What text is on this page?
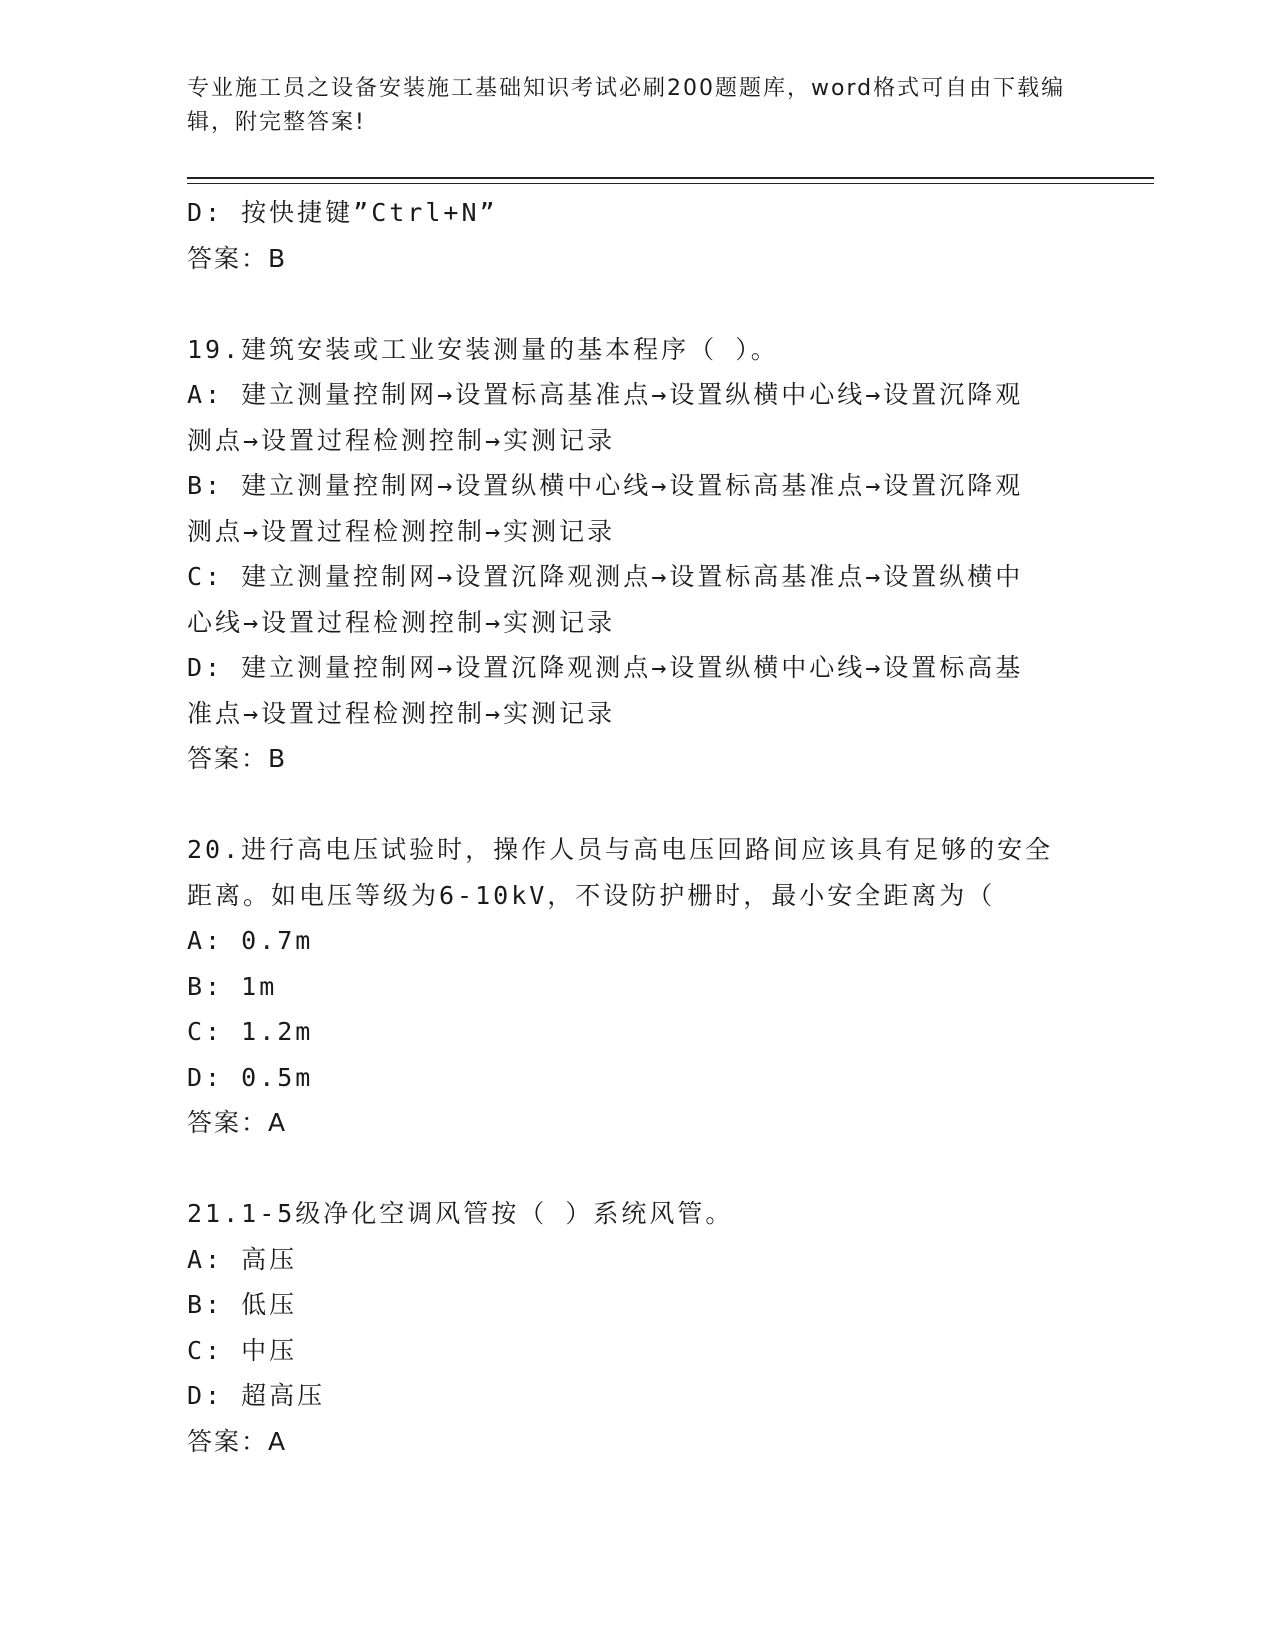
专业施工员之设备安装施工基础知识考试必刷200题题库，word格式可自由下载编辑，附完整答案!
D: 按快捷键”Ctrl+N”
答案：B
19.建筑安装或工业安装测量的基本程序（ ）。
A: 建立测量控制网→设置标高基准点→设置纵横中心线→设置沉降观
测点→设置过程检测控制→实测记录
B: 建立测量控制网→设置纵横中心线→设置标高基准点→设置沉降观
测点→设置过程检测控制→实测记录
C: 建立测量控制网→设置沉降观测点→设置标高基准点→设置纵横中
心线→设置过程检测控制→实测记录
D: 建立测量控制网→设置沉降观测点→设置纵横中心线→设置标高基
准点→设置过程检测控制→实测记录
答案：B
20.进行高电压试验时，操作人员与高电压回路间应该具有足够的安全
距离。如电压等级为6-10kV，不设防护栅时，最小安全距离为（
A: 0.7m
B: 1m
C: 1.2m
D: 0.5m
答案：A
21.1-5级净化空调风管按（ ）系统风管。
A: 高压
B: 低压
C: 中压
D: 超高压
答案：A
